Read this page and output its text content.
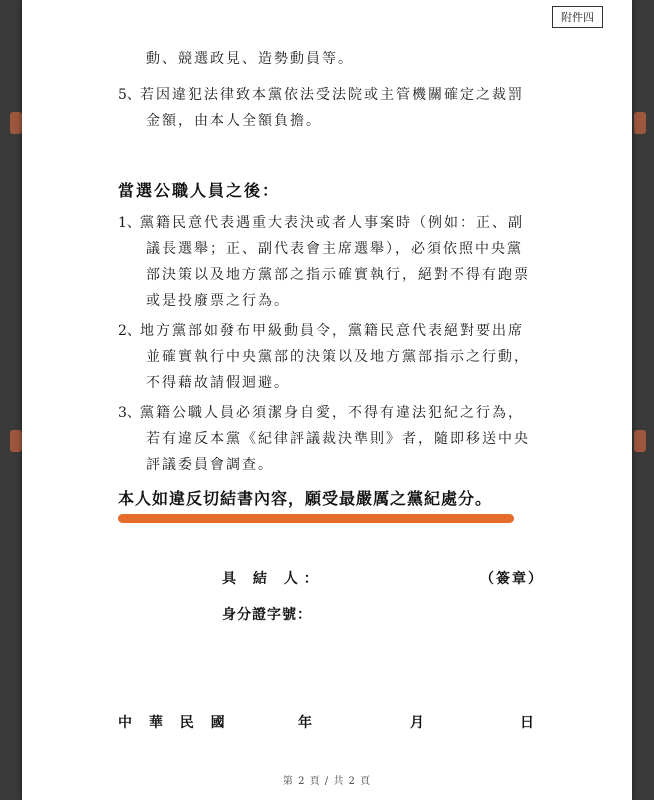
附件四
動、競選政見、造勢動員等。
5、 若因違犯法律致本黨依法受法院或主管機關確定之裁罰
金額，由本人全額負擔。
當選公職人員之後：
1、 黨籍民意代表遇重大表決或者人事案時（例如：正、副
議長選舉；正、副代表會主席選舉），必須依照中央黨
部決策以及地方黨部之指示確實執行，絕對不得有跑票
或是投廢票之行為。
2、 地方黨部如發布甲級動員令，黨籍民意代表絕對要出席
並確實執行中央黨部的決策以及地方黨部指示之行動，
不得藉故請假迴避。
3、 黨籍公職人員必須潔身自愛，不得有違法犯紀之行為，
若有違反本黨《紀律評議裁決準則》者，隨即移送中央
評議委員會調查。
本人如違反切結書內容，願受最嚴厲之黨紀處分。
具 結 人：	（簽章）
身分證字號：
中 華 民 國	年	月	日
第 2 頁 / 共 2 頁
